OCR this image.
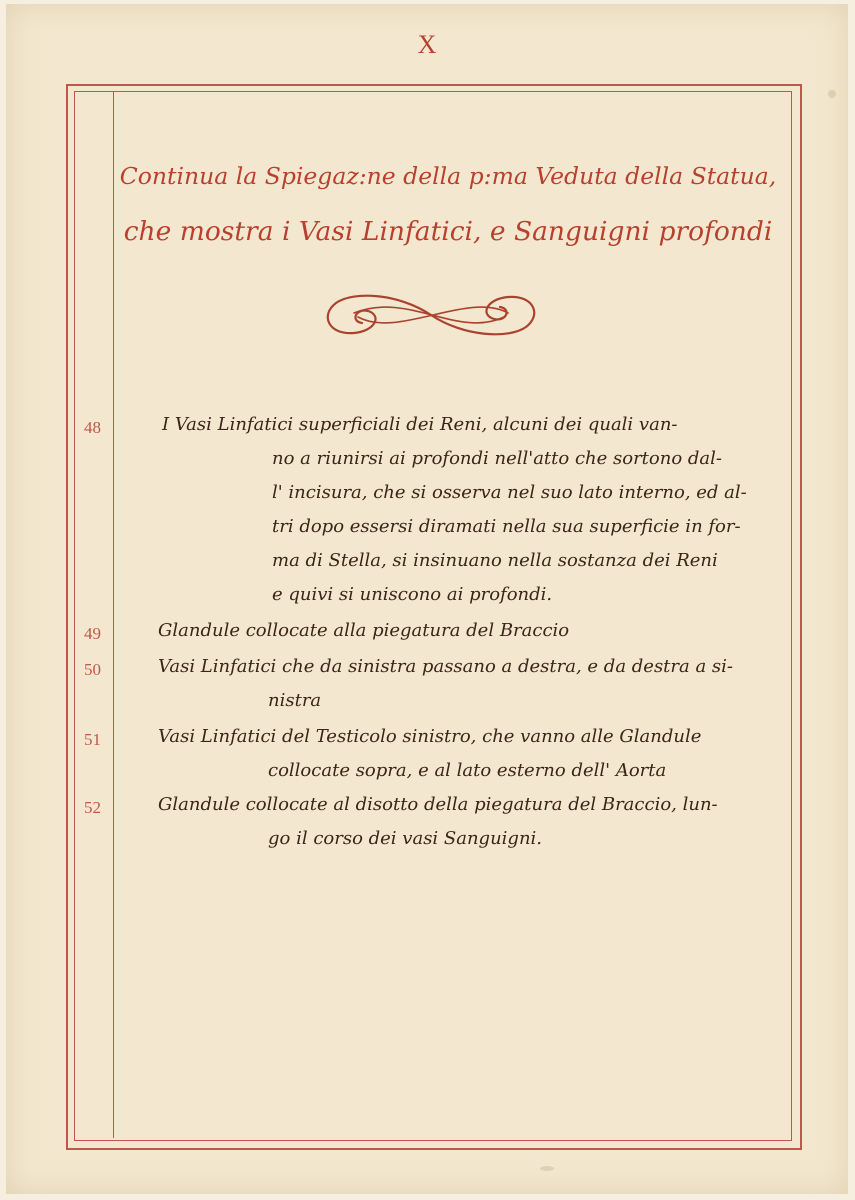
X
Continua la Spiegaz:ne della p:ma Veduta della Statua,
che mostra i Vasi Linfatici, e Sanguigni profondi
48	I Vasi Linfatici superficiali dei Reni, alcuni dei quali van-
no a riunirsi ai profondi nell'atto che sortono dal-
l' incisura, che si osserva nel suo lato interno, ed al-
tri dopo essersi diramati nella sua superficie in for-
ma di Stella, si insinuano nella sostanza dei Reni
e quivi si uniscono ai profondi.
49	Glandule collocate alla piegatura del Braccio
50	Vasi Linfatici che da sinistra passano a destra, e da destra a si-
nistra
51	Vasi Linfatici del Testicolo sinistro, che vanno alle Glandule
collocate sopra, e al lato esterno dell' Aorta
52	Glandule collocate al disotto della piegatura del Braccio, lun-
go il corso dei vasi Sanguigni.
